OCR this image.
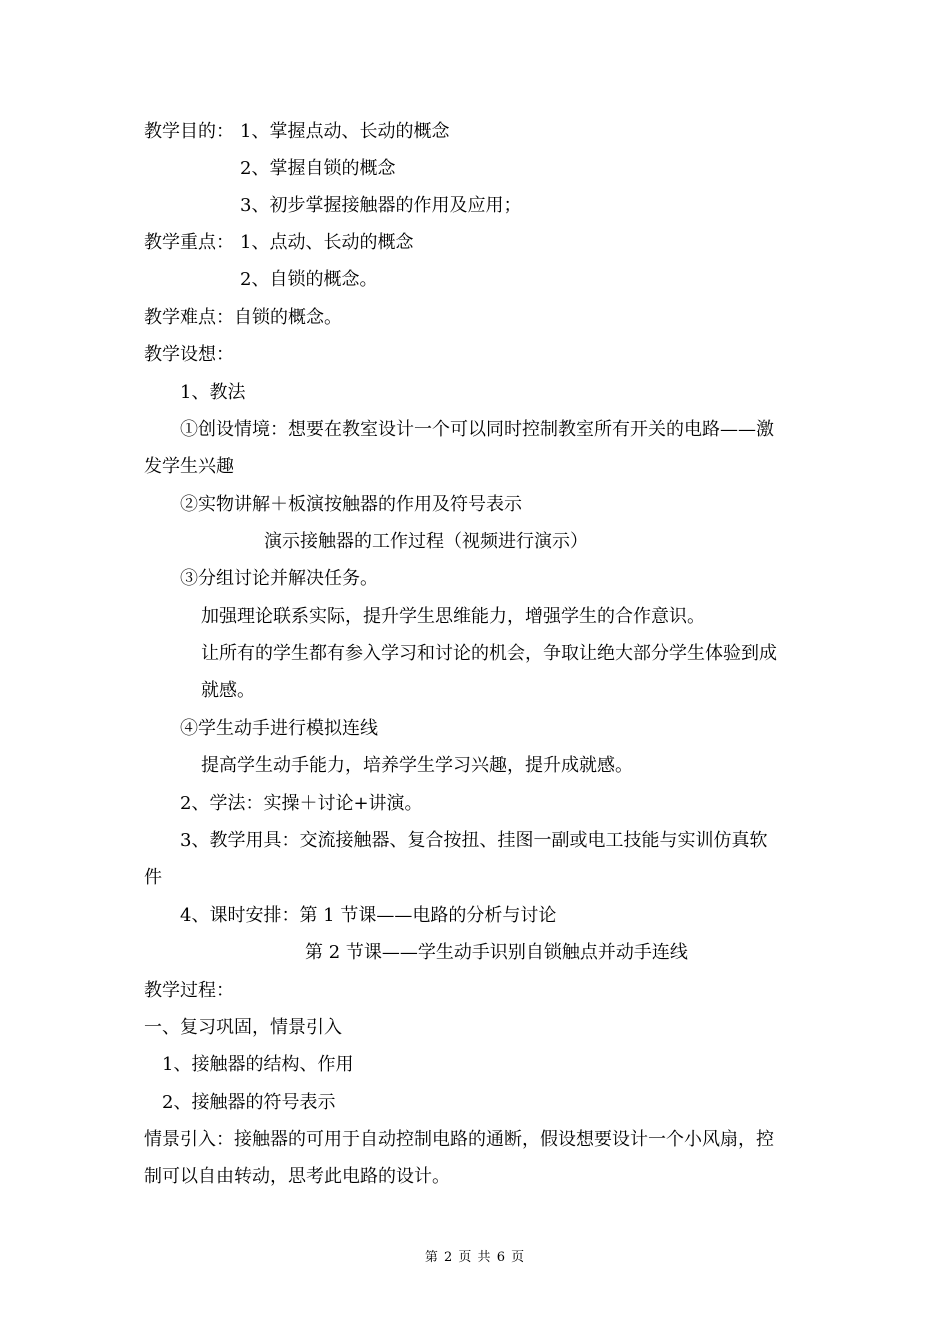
教学目的： 1、掌握点动、长动的概念
2、掌握自锁的概念
3、初步掌握接触器的作用及应用；
教学重点： 1、点动、长动的概念
2、自锁的概念。
教学难点：自锁的概念。
教学设想：
1、教法
①创设情境：想要在教室设计一个可以同时控制教室所有开关的电路——激
发学生兴趣
②实物讲解＋板演按触器的作用及符号表示
演示接触器的工作过程（视频进行演示）
③分组讨论并解决任务。
加强理论联系实际，提升学生思维能力，增强学生的合作意识。
让所有的学生都有参入学习和讨论的机会，争取让绝大部分学生体验到成
就感。
④学生动手进行模拟连线
提高学生动手能力，培养学生学习兴趣，提升成就感。
2、学法：实操＋讨论+讲演。
3、教学用具：交流接触器、复合按扭、挂图一副或电工技能与实训仿真软
件
4、课时安排：第 1 节课——电路的分析与讨论
第 2 节课——学生动手识别自锁触点并动手连线
教学过程：
一、复习巩固，情景引入
1、接触器的结构、作用
2、接触器的符号表示
情景引入：接触器的可用于自动控制电路的通断，假设想要设计一个小风扇，控
制可以自由转动，思考此电路的设计。
第 2 页 共 6 页
